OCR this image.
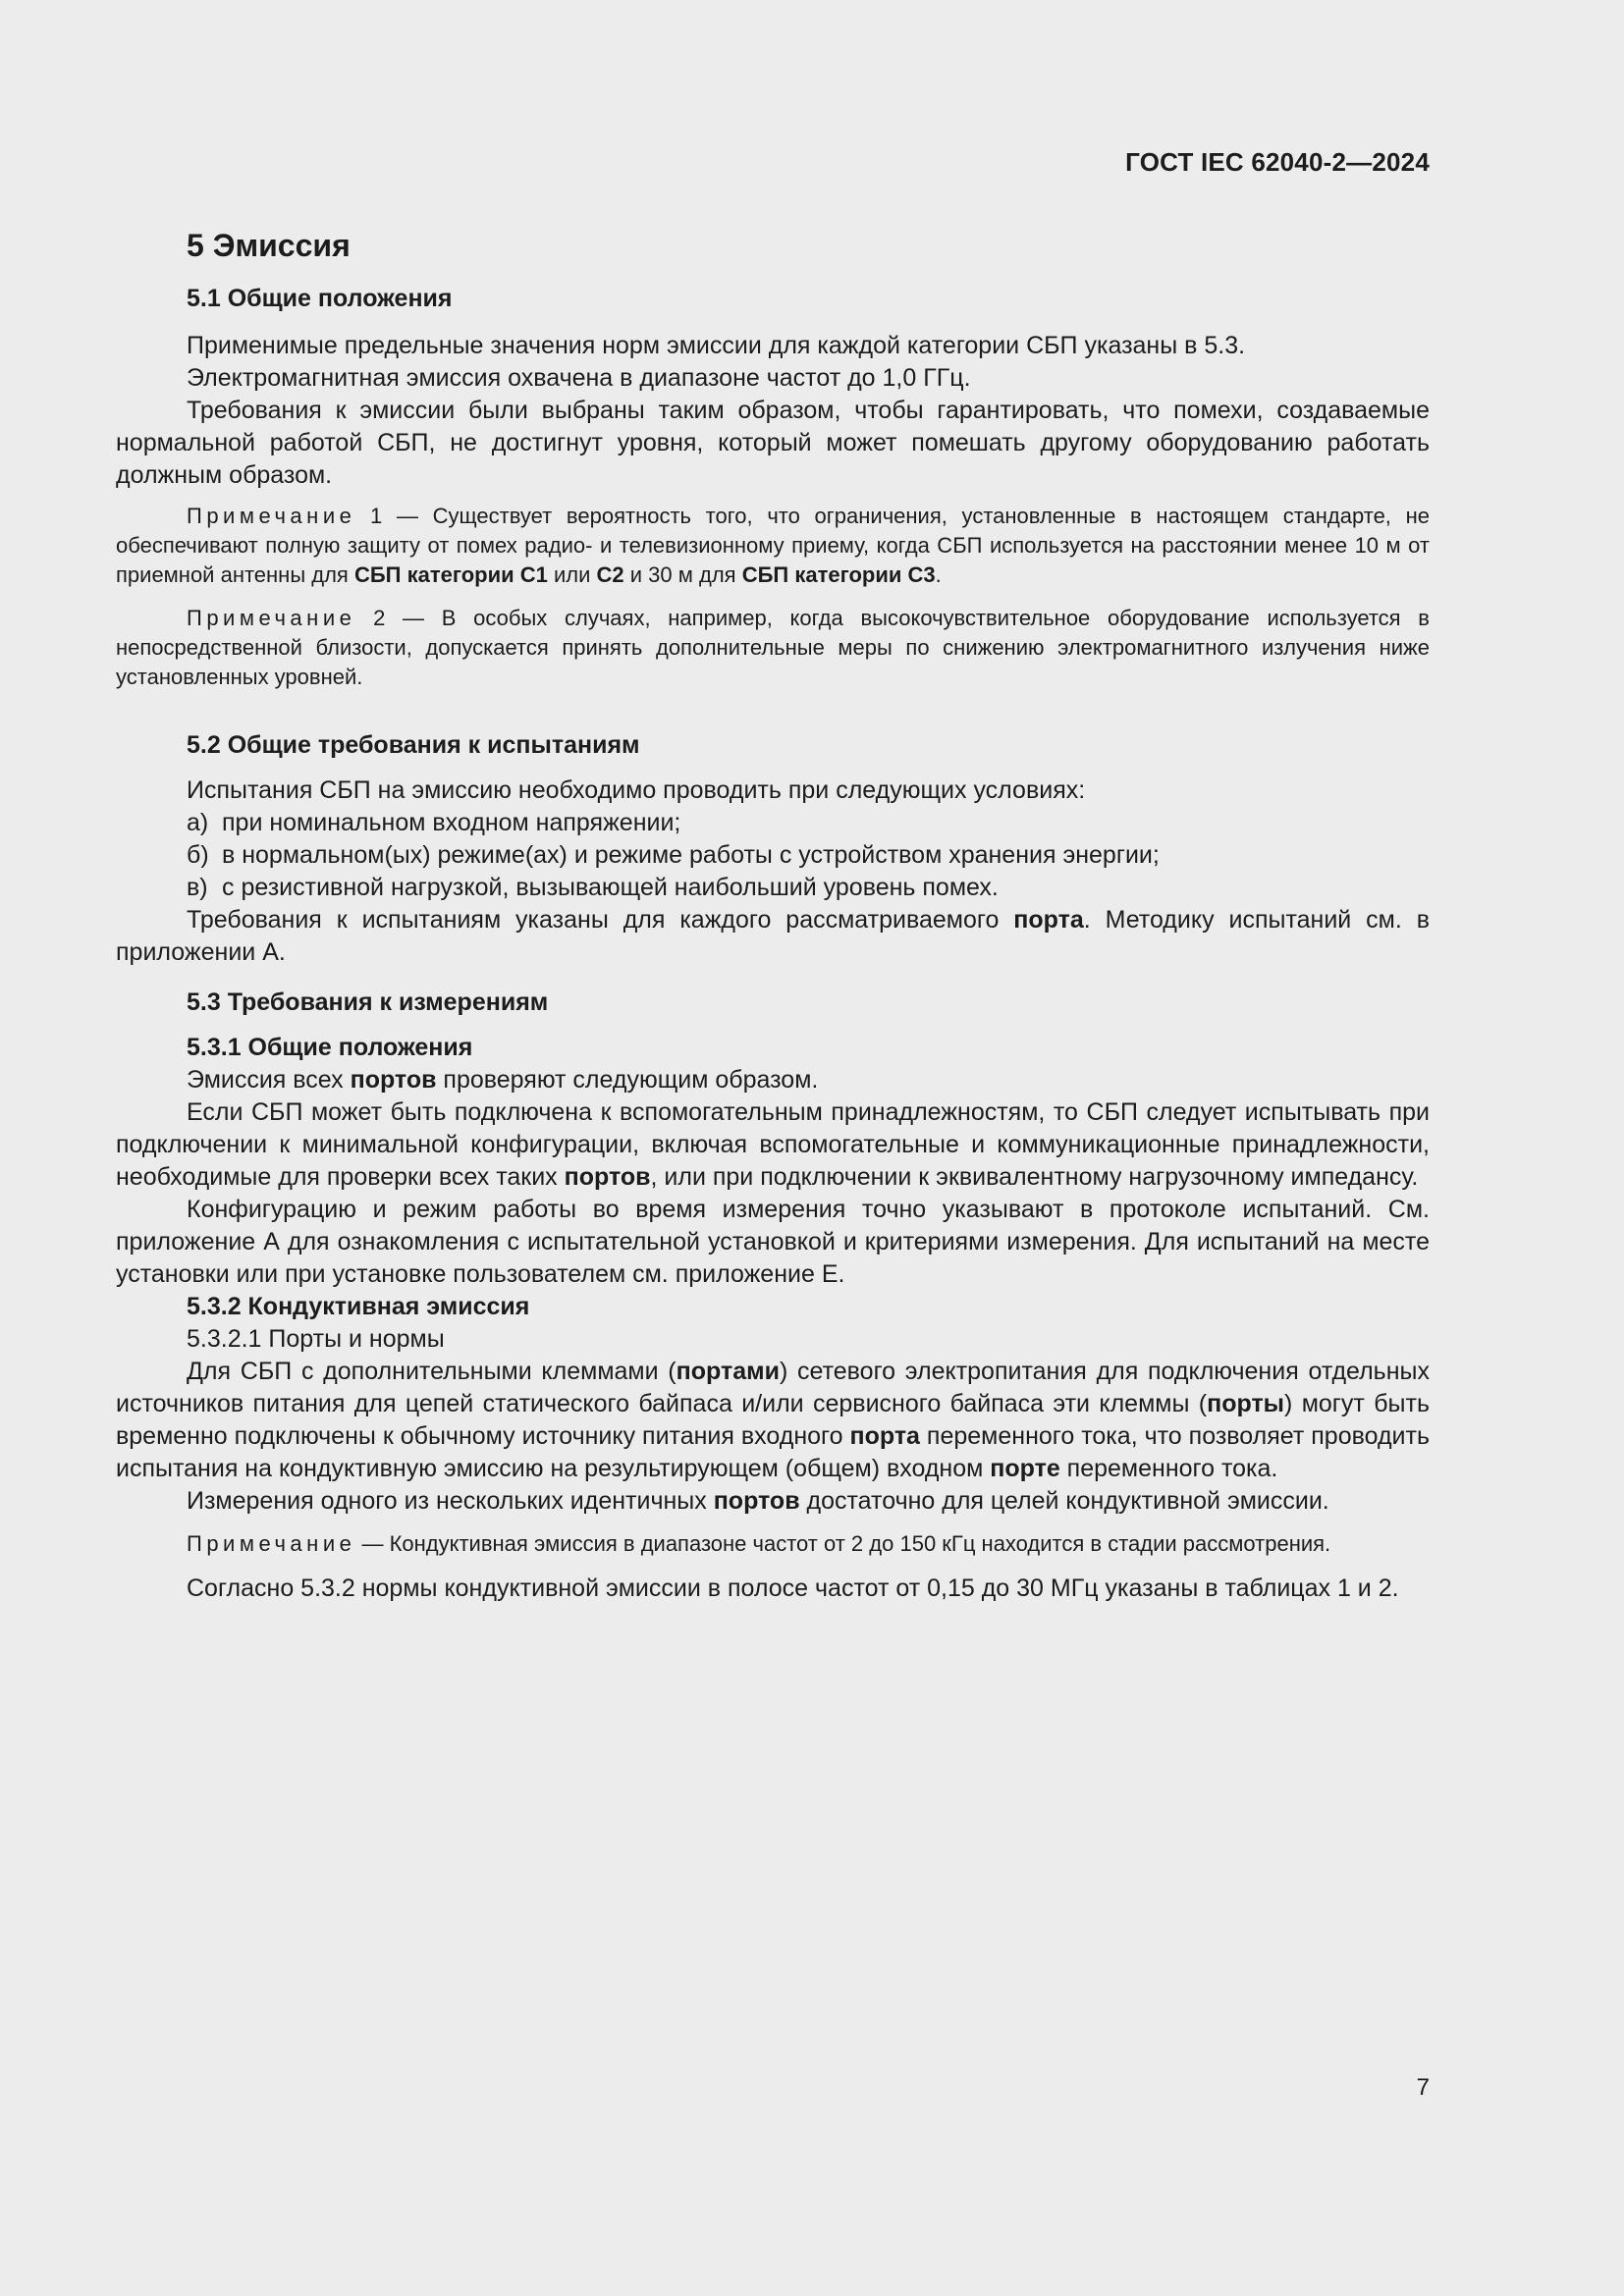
ГОСТ IEC 62040-2—2024
5 Эмиссия
5.1 Общие положения

Применимые предельные значения норм эмиссии для каждой категории СБП указаны в 5.3.

Электромагнитная эмиссия охвачена в диапазоне частот до 1,0 ГГц.

Требования к эмиссии были выбраны таким образом, чтобы гарантировать, что помехи, создаваемые нормальной работой СБП, не достигнут уровня, который может помешать другому оборудованию работать должным образом.

Примечание 1 — Существует вероятность того, что ограничения, установленные в настоящем стандарте, не обеспечивают полную защиту от помех радио- и телевизионному приему, когда СБП используется на расстоянии менее 10 м от приемной антенны для СБП категории С1 или С2 и 30 м для СБП категории С3.

Примечание 2 — В особых случаях, например, когда высокочувствительное оборудование используется в непосредственной близости, допускается принять дополнительные меры по снижению электромагнитного излучения ниже установленных уровней.

5.2 Общие требования к испытаниям

Испытания СБП на эмиссию необходимо проводить при следующих условиях:

а) при номинальном входном напряжении;
б) в нормальном(ых) режиме(ах) и режиме работы с устройством хранения энергии;
в) с резистивной нагрузкой, вызывающей наибольший уровень помех.

Требования к испытаниям указаны для каждого рассматриваемого порта. Методику испытаний см. в приложении А.

5.3 Требования к измерениям
5.3.1 Общие положения

Эмиссия всех портов проверяют следующим образом.

Если СБП может быть подключена к вспомогательным принадлежностям, то СБП следует испытывать при подключении к минимальной конфигурации, включая вспомогательные и коммуникационные принадлежности, необходимые для проверки всех таких портов, или при подключении к эквивалентному нагрузочному импедансу.

Конфигурацию и режим работы во время измерения точно указывают в протоколе испытаний. См. приложение А для ознакомления с испытательной установкой и критериями измерения. Для испытаний на месте установки или при установке пользователем см. приложение Е.

5.3.2 Кондуктивная эмиссия
5.3.2.1 Порты и нормы

Для СБП с дополнительными клеммами (портами) сетевого электропитания для подключения отдельных источников питания для цепей статического байпаса и/или сервисного байпаса эти клеммы (порты) могут быть временно подключены к обычному источнику питания входного порта переменного тока, что позволяет проводить испытания на кондуктивную эмиссию на результирующем (общем) входном порте переменного тока.

Измерения одного из нескольких идентичных портов достаточно для целей кондуктивной эмиссии.

Примечание — Кондуктивная эмиссия в диапазоне частот от 2 до 150 кГц находится в стадии рассмотрения.

Согласно 5.3.2 нормы кондуктивной эмиссии в полосе частот от 0,15 до 30 МГц указаны в таблицах 1 и 2.

7
